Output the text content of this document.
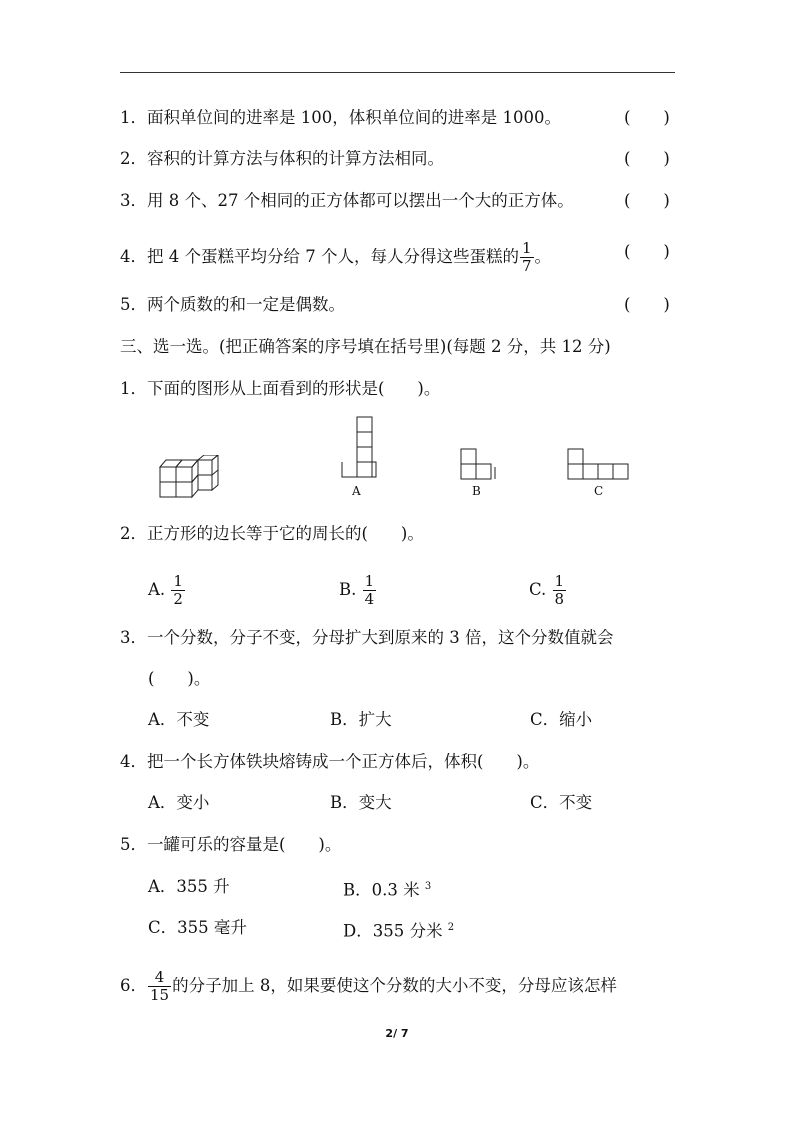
1．面积单位间的进率是 100，体积单位间的进率是 1000。	(　　)
2．容积的计算方法与体积的计算方法相同。	(　　)
3．用 8 个、27 个相同的正方体都可以摆出一个大的正方体。	(　　)
4．把 4 个蛋糕平均分给 7 个人，每人分得这些蛋糕的 $\frac{1}{7}$ 。	(　　)
5．两个质数的和一定是偶数。	(　　)
三、选一选。(把正确答案的序号填在括号里)(每题 2 分，共 12 分)
1．下面的图形从上面看到的形状是(　　)。
A	B	C
2．正方形的边长等于它的周长的(　　)。
A. $\frac{1}{2}$	B. $\frac{1}{4}$	C. $\frac{1}{8}$
3．一个分数，分子不变，分母扩大到原来的 3 倍，这个分数值就会
(　　)。
A．不变	B．扩大	C．缩小
4．把一个长方体铁块熔铸成一个正方体后，体积(　　)。
A．变小	B．变大	C．不变
5．一罐可乐的容量是(　　)。
A．355 升	B．0.3 米 $^3$
C．355 毫升	D．355 分米 $^2$
6． $\frac{4}{15}$ 的分子加上 8，如果要使这个分数的大小不变，分母应该怎样
2/ 7
